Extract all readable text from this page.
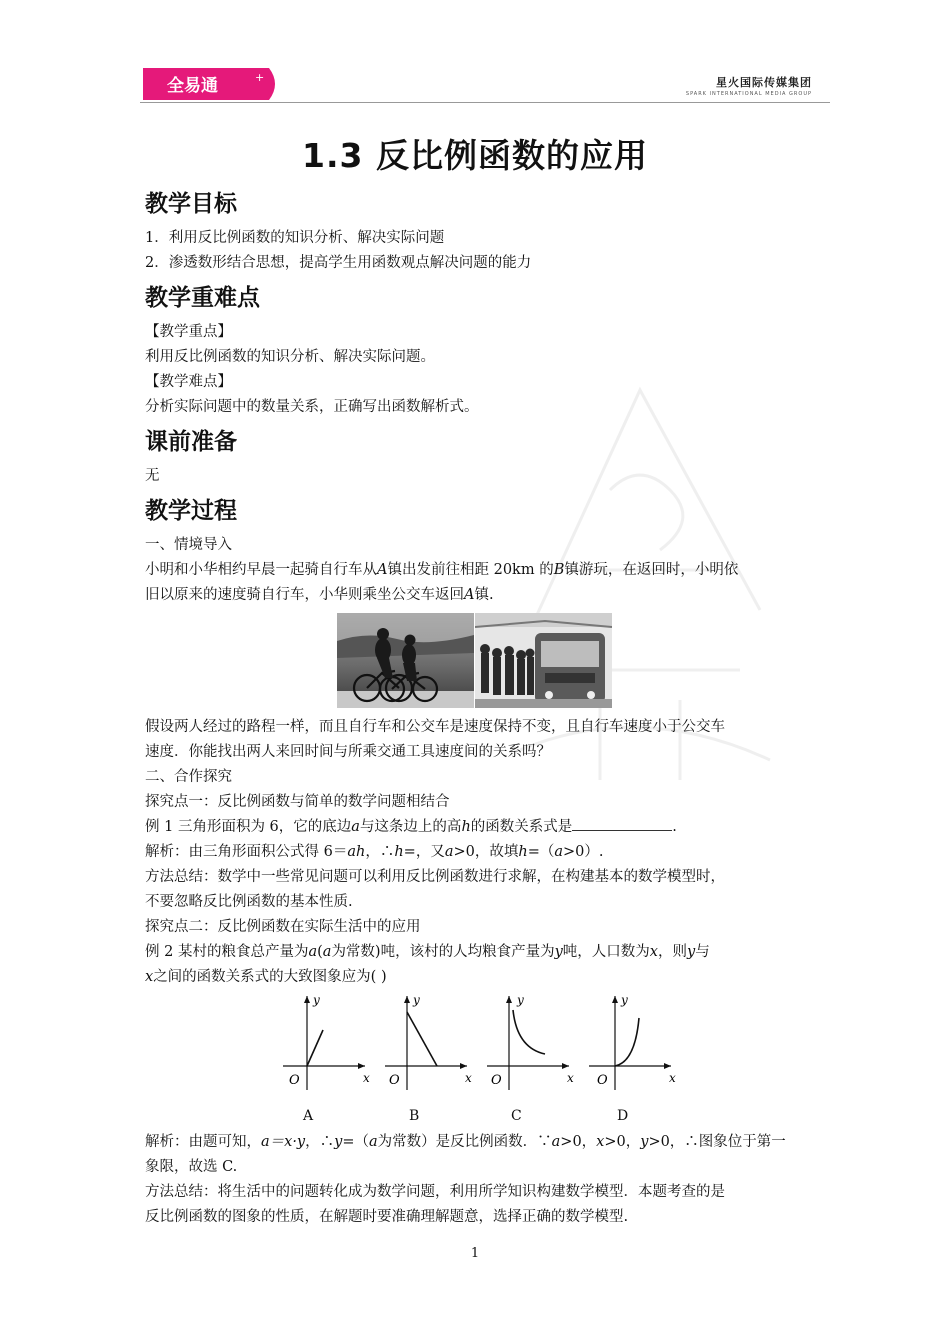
全易通	+	星火国际传媒集团
SPARK INTERNATIONAL MEDIA GROUP
1.3 反比例函数的应用
教学目标

1．利用反比例函数的知识分析、解决实际问题

2．渗透数形结合思想，提高学生用函数观点解决问题的能力

教学重难点

【教学重点】

利用反比例函数的知识分析、解决实际问题。

【教学难点】

分析实际问题中的数量关系，正确写出函数解析式。

课前准备

无

教学过程

一、情境导入

小明和小华相约早晨一起骑自行车从A镇出发前往相距 20km 的B镇游玩，在返回时，小明依

旧以原来的速度骑自行车，小华则乘坐公交车返回A镇.

假设两人经过的路程一样，而且自行车和公交车是速度保持不变，且自行车速度小于公交车

速度．你能找出两人来回时间与所乘交通工具速度间的关系吗？

二、合作探究

探究点一：反比例函数与简单的数学问题相结合

例 1 三角形面积为 6，它的底边a与这条边上的高h的函数关系式是	.

解析：由三角形面积公式得 6＝ah，∴h=，又a>0，故填h=（a>0）.

方法总结：数学中一些常见问题可以利用反比例函数进行求解，在构建基本的数学模型时，

不要忽略反比例函数的基本性质.

探究点二：反比例函数在实际生活中的应用

例 2 某村的粮食总产量为a(a为常数)吨，该村的人均粮食产量为y吨，人口数为x，则y与

x之间的函数关系式的大致图象应为( )

y
x
O
A
y
x
O
B
y
x
O
C
y
x
O
D

解析：由题可知，a＝x·y，∴y=（a为常数）是反比例函数．∵a>0，x>0，y>0，∴图象位于第一

象限，故选 C.

方法总结：将生活中的问题转化成为数学问题，利用所学知识构建数学模型．本题考查的是

反比例函数的图象的性质，在解题时要准确理解题意，选择正确的数学模型.

1
